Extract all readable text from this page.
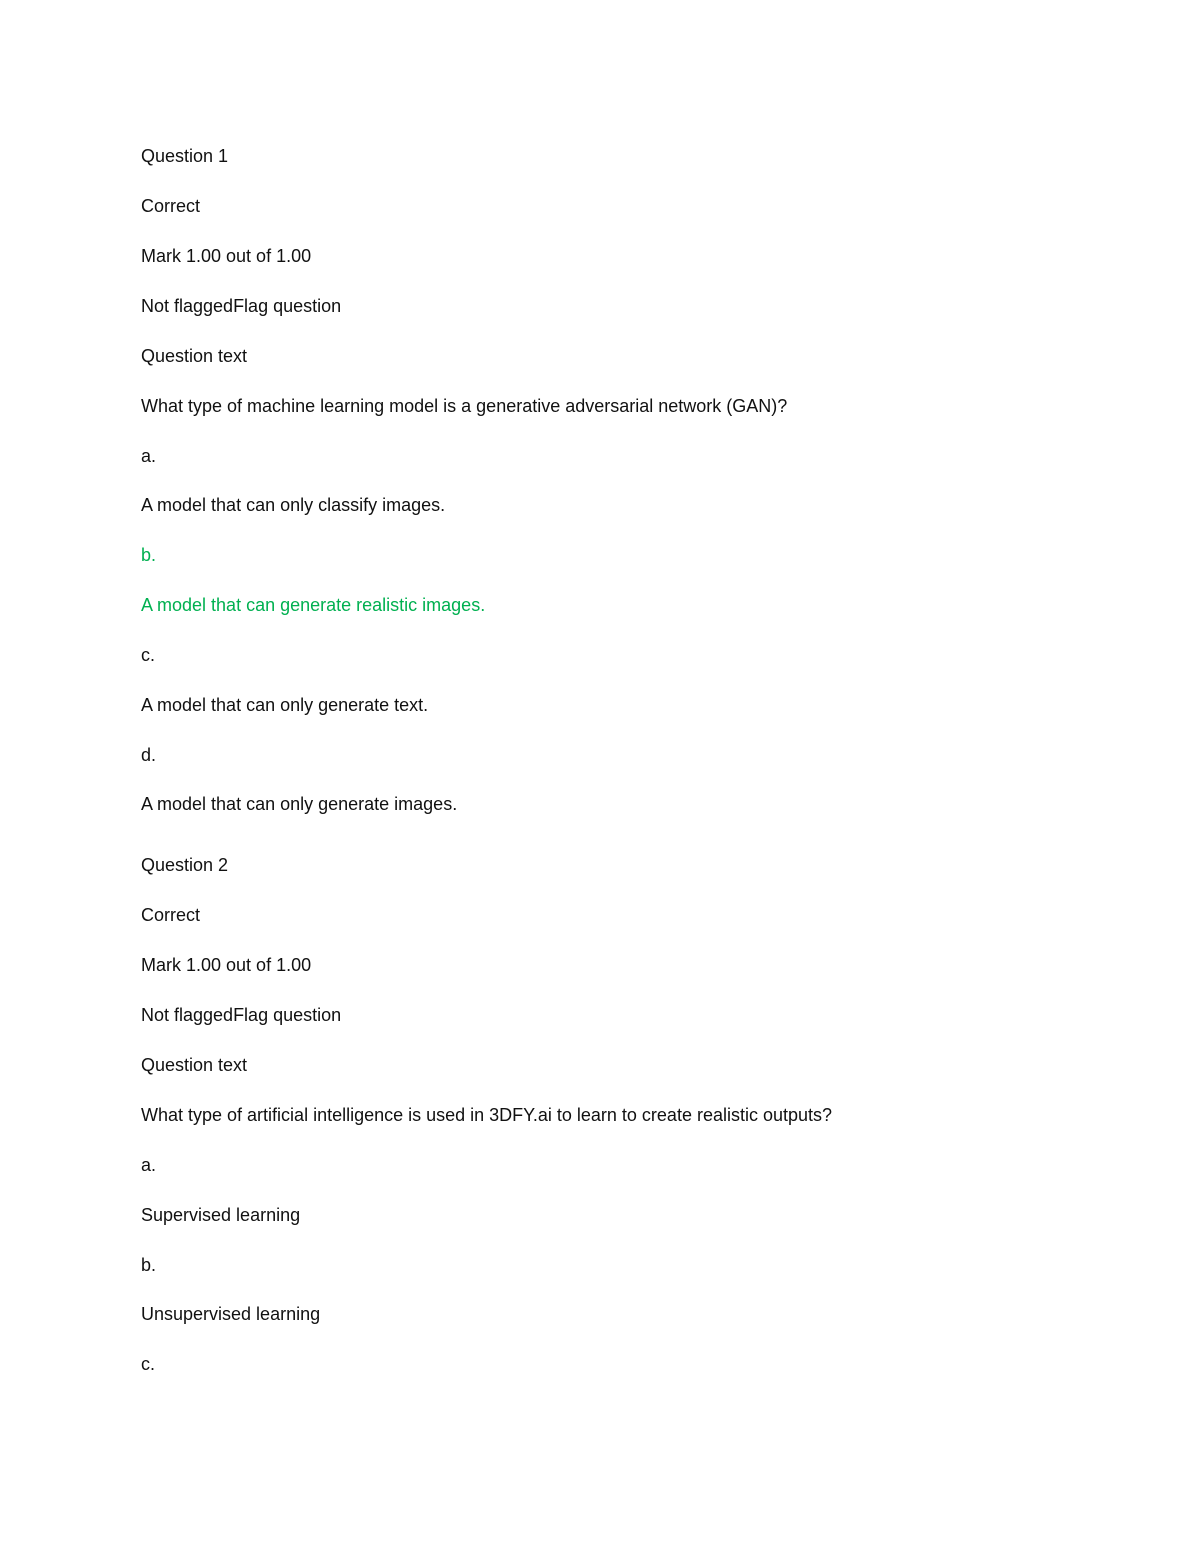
Question 1
Correct
Mark 1.00 out of 1.00
Not flaggedFlag question
Question text
What type of machine learning model is a generative adversarial network (GAN)?
a.
A model that can only classify images.
b.
A model that can generate realistic images.
c.
A model that can only generate text.
d.
A model that can only generate images.
Question 2
Correct
Mark 1.00 out of 1.00
Not flaggedFlag question
Question text
What type of artificial intelligence is used in 3DFY.ai to learn to create realistic outputs?
a.
Supervised learning
b.
Unsupervised learning
c.
